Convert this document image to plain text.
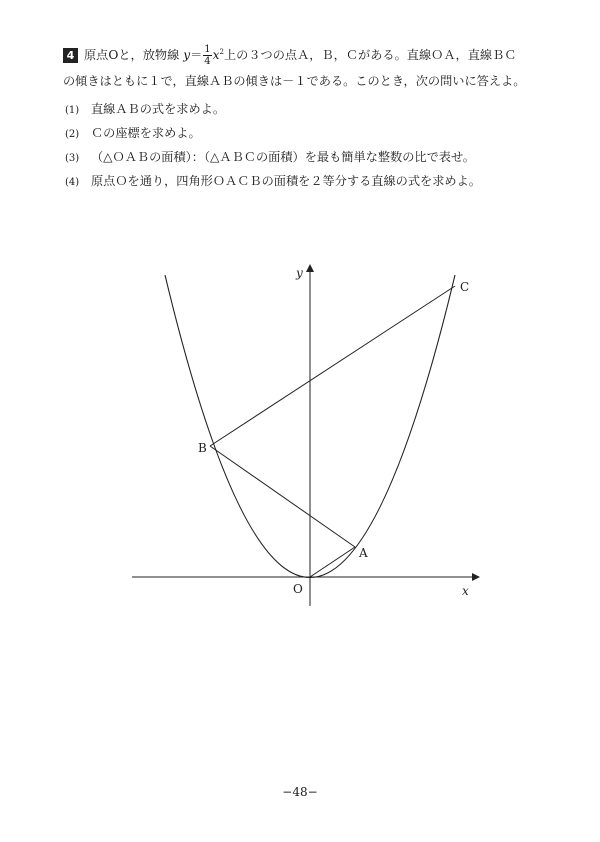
4 原点Oと，放物線 $y= \frac{1}{4} x^2$上の３つの点Ａ，Ｂ，Ｃがある。直線ＯＡ，直線ＢＣ
の傾きはともに１で，直線ＡＢの傾きは－１である。このとき，次の問いに答えよ。
(1) 直線ＡＢの式を求めよ。
(2) Ｃの座標を求めよ。
(3) （△ＯＡＢの面積）：（△ＡＢＣの面積）を最も簡単な整数の比で表せ。
(4) 原点Ｏを通り，四角形ＯＡＣＢの面積を２等分する直線の式を求めよ。
x
y
O
A
B
C
−48−
